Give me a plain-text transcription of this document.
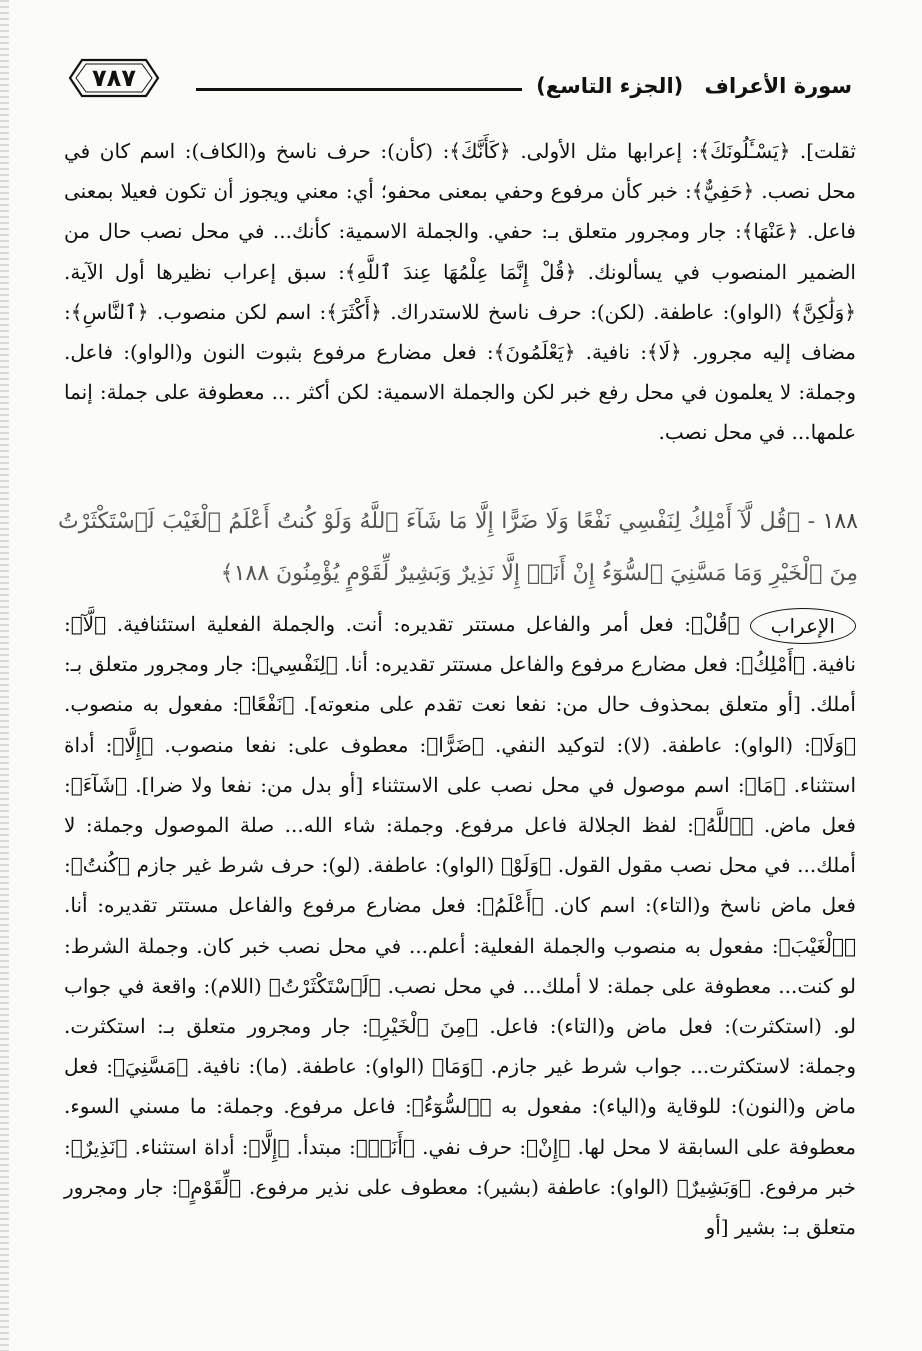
٧٨٧	سورة الأعراف (الجزء التاسع)
ثقلت]. ﴿يَسْـَٔلُونَكَ﴾: إعرابها مثل الأولى. ﴿كَأَنَّكَ﴾: (كأن): حرف ناسخ و(الكاف): اسم كان في محل نصب. ﴿حَفِيٌّ﴾: خبر كأن مرفوع وحفي بمعنى محفو؛ أي: معني ويجوز أن تكون فعيلا بمعنى فاعل. ﴿عَنْهَا﴾: جار ومجرور متعلق بـ: حفي. والجملة الاسمية: كأنك... في محل نصب حال من الضمير المنصوب في يسألونك. ﴿قُلْ إِنَّمَا عِلْمُهَا عِندَ ٱللَّهِ﴾: سبق إعراب نظيرها أول الآية. ﴿وَلَٰكِنَّ﴾ (الواو): عاطفة. (لكن): حرف ناسخ للاستدراك. ﴿أَكْثَرَ﴾: اسم لكن منصوب. ﴿ٱلنَّاسِ﴾: مضاف إليه مجرور. ﴿لَا﴾: نافية. ﴿يَعْلَمُونَ﴾: فعل مضارع مرفوع بثبوت النون و(الواو): فاعل. وجملة: لا يعلمون في محل رفع خبر لكن والجملة الاسمية: لكن أكثر ... معطوفة على جملة: إنما علمها... في محل نصب.
١٨٨ - ﴿قُل لَّآ أَمْلِكُ لِنَفْسِي نَفْعًا وَلَا ضَرًّا إِلَّا مَا شَآءَ ٱللَّهُ وَلَوْ كُنتُ أَعْلَمُ ٱلْغَيْبَ لَٱسْتَكْثَرْتُ مِنَ ٱلْخَيْرِ وَمَا مَسَّنِيَ ٱلسُّوٓءُ إِنْ أَنَا۠ إِلَّا نَذِيرٌ وَبَشِيرٌ لِّقَوْمٍ يُؤْمِنُونَ ١٨٨﴾
الإعراب
﴿قُلْ﴾: فعل أمر والفاعل مستتر تقديره: أنت. والجملة الفعلية استئنافية. ﴿لَّآ﴾: نافية. ﴿أَمْلِكُ﴾: فعل مضارع مرفوع والفاعل مستتر تقديره: أنا. ﴿لِنَفْسِي﴾: جار ومجرور متعلق بـ: أملك. [أو متعلق بمحذوف حال من: نفعا نعت تقدم على منعوته]. ﴿نَفْعًا﴾: مفعول به منصوب. ﴿وَلَا﴾: (الواو): عاطفة. (لا): لتوكيد النفي. ﴿ضَرًّا﴾: معطوف على: نفعا منصوب. ﴿إِلَّا﴾: أداة استثناء. ﴿مَا﴾: اسم موصول في محل نصب على الاستثناء [أو بدل من: نفعا ولا ضرا]. ﴿شَآءَ﴾: فعل ماض. ﴿ٱللَّهُ﴾: لفظ الجلالة فاعل مرفوع. وجملة: شاء الله... صلة الموصول وجملة: لا أملك... في محل نصب مقول القول. ﴿وَلَوْ﴾ (الواو): عاطفة. (لو): حرف شرط غير جازم ﴿كُنتُ﴾: فعل ماض ناسخ و(التاء): اسم كان. ﴿أَعْلَمُ﴾: فعل مضارع مرفوع والفاعل مستتر تقديره: أنا. ﴿ٱلْغَيْبَ﴾: مفعول به منصوب والجملة الفعلية: أعلم... في محل نصب خبر كان. وجملة الشرط: لو كنت... معطوفة على جملة: لا أملك... في محل نصب. ﴿لَٱسْتَكْثَرْتُ﴾ (اللام): واقعة في جواب لو. (استكثرت): فعل ماض و(التاء): فاعل. ﴿مِنَ ٱلْخَيْرِ﴾: جار ومجرور متعلق بـ: استكثرت. وجملة: لاستكثرت... جواب شرط غير جازم. ﴿وَمَا﴾ (الواو): عاطفة. (ما): نافية. ﴿مَسَّنِيَ﴾: فعل ماض و(النون): للوقاية و(الياء): مفعول به ﴿ٱلسُّوٓءُ﴾: فاعل مرفوع. وجملة: ما مسني السوء. معطوفة على السابقة لا محل لها. ﴿إِنْ﴾: حرف نفي. ﴿أَنَا۠﴾: مبتدأ. ﴿إِلَّا﴾: أداة استثناء. ﴿نَذِيرٌ﴾: خبر مرفوع. ﴿وَبَشِيرٌ﴾ (الواو): عاطفة (بشير): معطوف على نذير مرفوع. ﴿لِّقَوْمٍ﴾: جار ومجرور متعلق بـ: بشير [أو
